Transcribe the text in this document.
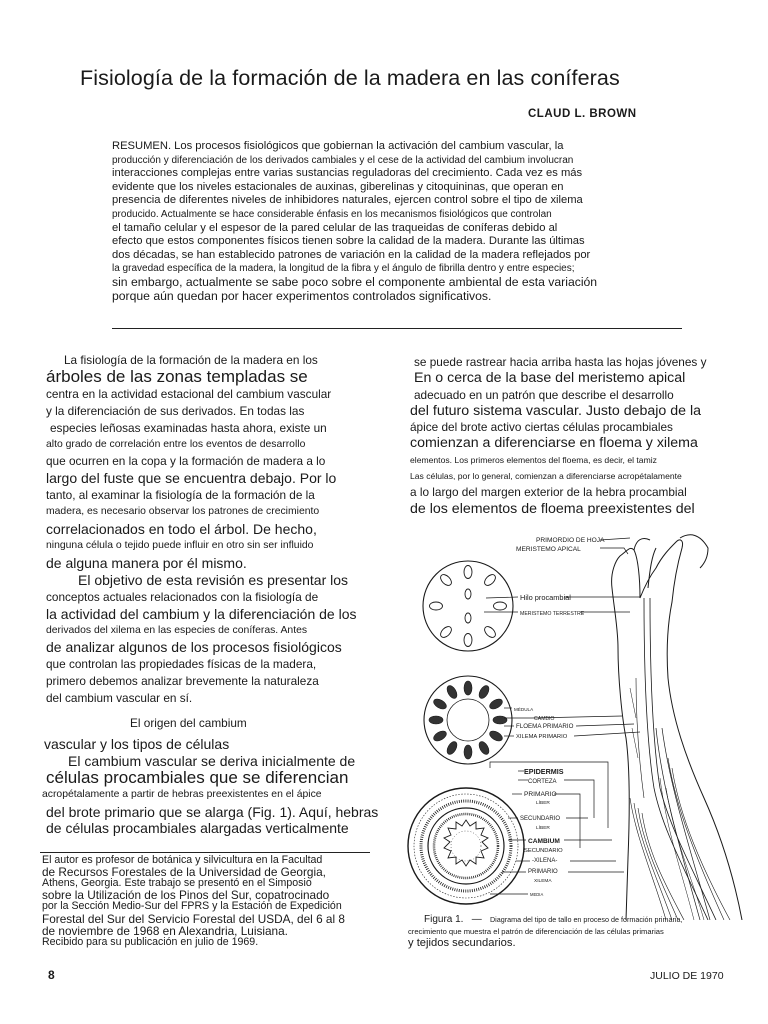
Fisiología de la formación de la madera en las coníferas
CLAUD L. BROWN
RESUMEN. Los procesos fisiológicos que gobiernan la activación del cambium vascular, la
producción y diferenciación de los derivados cambiales y el cese de la actividad del cambium involucran
interacciones complejas entre varias sustancias reguladoras del crecimiento. Cada vez es más
evidente que los niveles estacionales de auxinas, giberelinas y citoquininas, que operan en
presencia de diferentes niveles de inhibidores naturales, ejercen control sobre el tipo de xilema
producido. Actualmente se hace considerable énfasis en los mecanismos fisiológicos que controlan
el tamaño celular y el espesor de la pared celular de las traqueidas de coníferas debido al
efecto que estos componentes físicos tienen sobre la calidad de la madera. Durante las últimas
dos décadas, se han establecido patrones de variación en la calidad de la madera reflejados por
la gravedad específica de la madera, la longitud de la fibra y el ángulo de fibrilla dentro y entre especies;
sin embargo, actualmente se sabe poco sobre el componente ambiental de esta variación
porque aún quedan por hacer experimentos controlados significativos.
La fisiología de la formación de la madera en los
árboles de las zonas templadas se
centra en la actividad estacional del cambium vascular
y la diferenciación de sus derivados. En todas las
especies leñosas examinadas hasta ahora, existe un
alto grado de correlación entre los eventos de desarrollo
que ocurren en la copa y la formación de madera a lo
largo del fuste que se encuentra debajo. Por lo
tanto, al examinar la fisiología de la formación de la
madera, es necesario observar los patrones de crecimiento
correlacionados en todo el árbol. De hecho,
ninguna célula o tejido puede influir en otro sin ser influido
de alguna manera por él mismo.
El objetivo de esta revisión es presentar los
conceptos actuales relacionados con la fisiología de
la actividad del cambium y la diferenciación de los
derivados del xilema en las especies de coníferas. Antes
de analizar algunos de los procesos fisiológicos
que controlan las propiedades físicas de la madera,
primero debemos analizar brevemente la naturaleza
del cambium vascular en sí.
El origen del cambium
vascular y los tipos de células
El cambium vascular se deriva inicialmente de
células procambiales que se diferencian
acropétalamente a partir de hebras preexistentes en el ápice
del brote primario que se alarga (Fig. 1). Aquí, hebras
de células procambiales alargadas verticalmente
se puede rastrear hacia arriba hasta las hojas jóvenes y
En o cerca de la base del meristemo apical
adecuado en un patrón que describe el desarrollo
del futuro sistema vascular. Justo debajo de la
ápice del brote activo ciertas células procambiales
comienzan a diferenciarse en floema y xilema
elementos. Los primeros elementos del floema, es decir, el tamiz
Las células, por lo general, comienzan a diferenciarse acropétalamente
a lo largo del margen exterior de la hebra procambial
de los elementos de floema preexistentes del
El autor es profesor de botánica y silvicultura en la Facultad
de Recursos Forestales de la Universidad de Georgia,
Athens, Georgia. Este trabajo se presentó en el Simposio
sobre la Utilización de los Pinos del Sur, copatrocinado
por la Sección Medio-Sur del FPRS y la Estación de Expedición
Forestal del Sur del Servicio Forestal del USDA, del 6 al 8
de noviembre de 1968 en Alexandria, Luisiana.
Recibido para su publicación en julio de 1969.
PRIMORDIO DE HOJA
MERISTEMO APICAL
Hilo procambial
MERISTEMO TERRESTRE
MÉDULA
CAMBIO
FLOEMA PRIMARIO
XILEMA PRIMARIO
EPIDERMIS
CORTEZA
PRIMARIO
LÍBER
SECUNDARIO
LÍBER
CAMBIUM
SECUNDARIO
-XILENA-
PRIMARIO
XILEMA
MEDIA
Figura 1. — Diagrama del tipo de tallo en proceso de formación primaria,
crecimiento que muestra el patrón de diferenciación de las células primarias
y tejidos secundarios.
8	JULIO DE 1970
